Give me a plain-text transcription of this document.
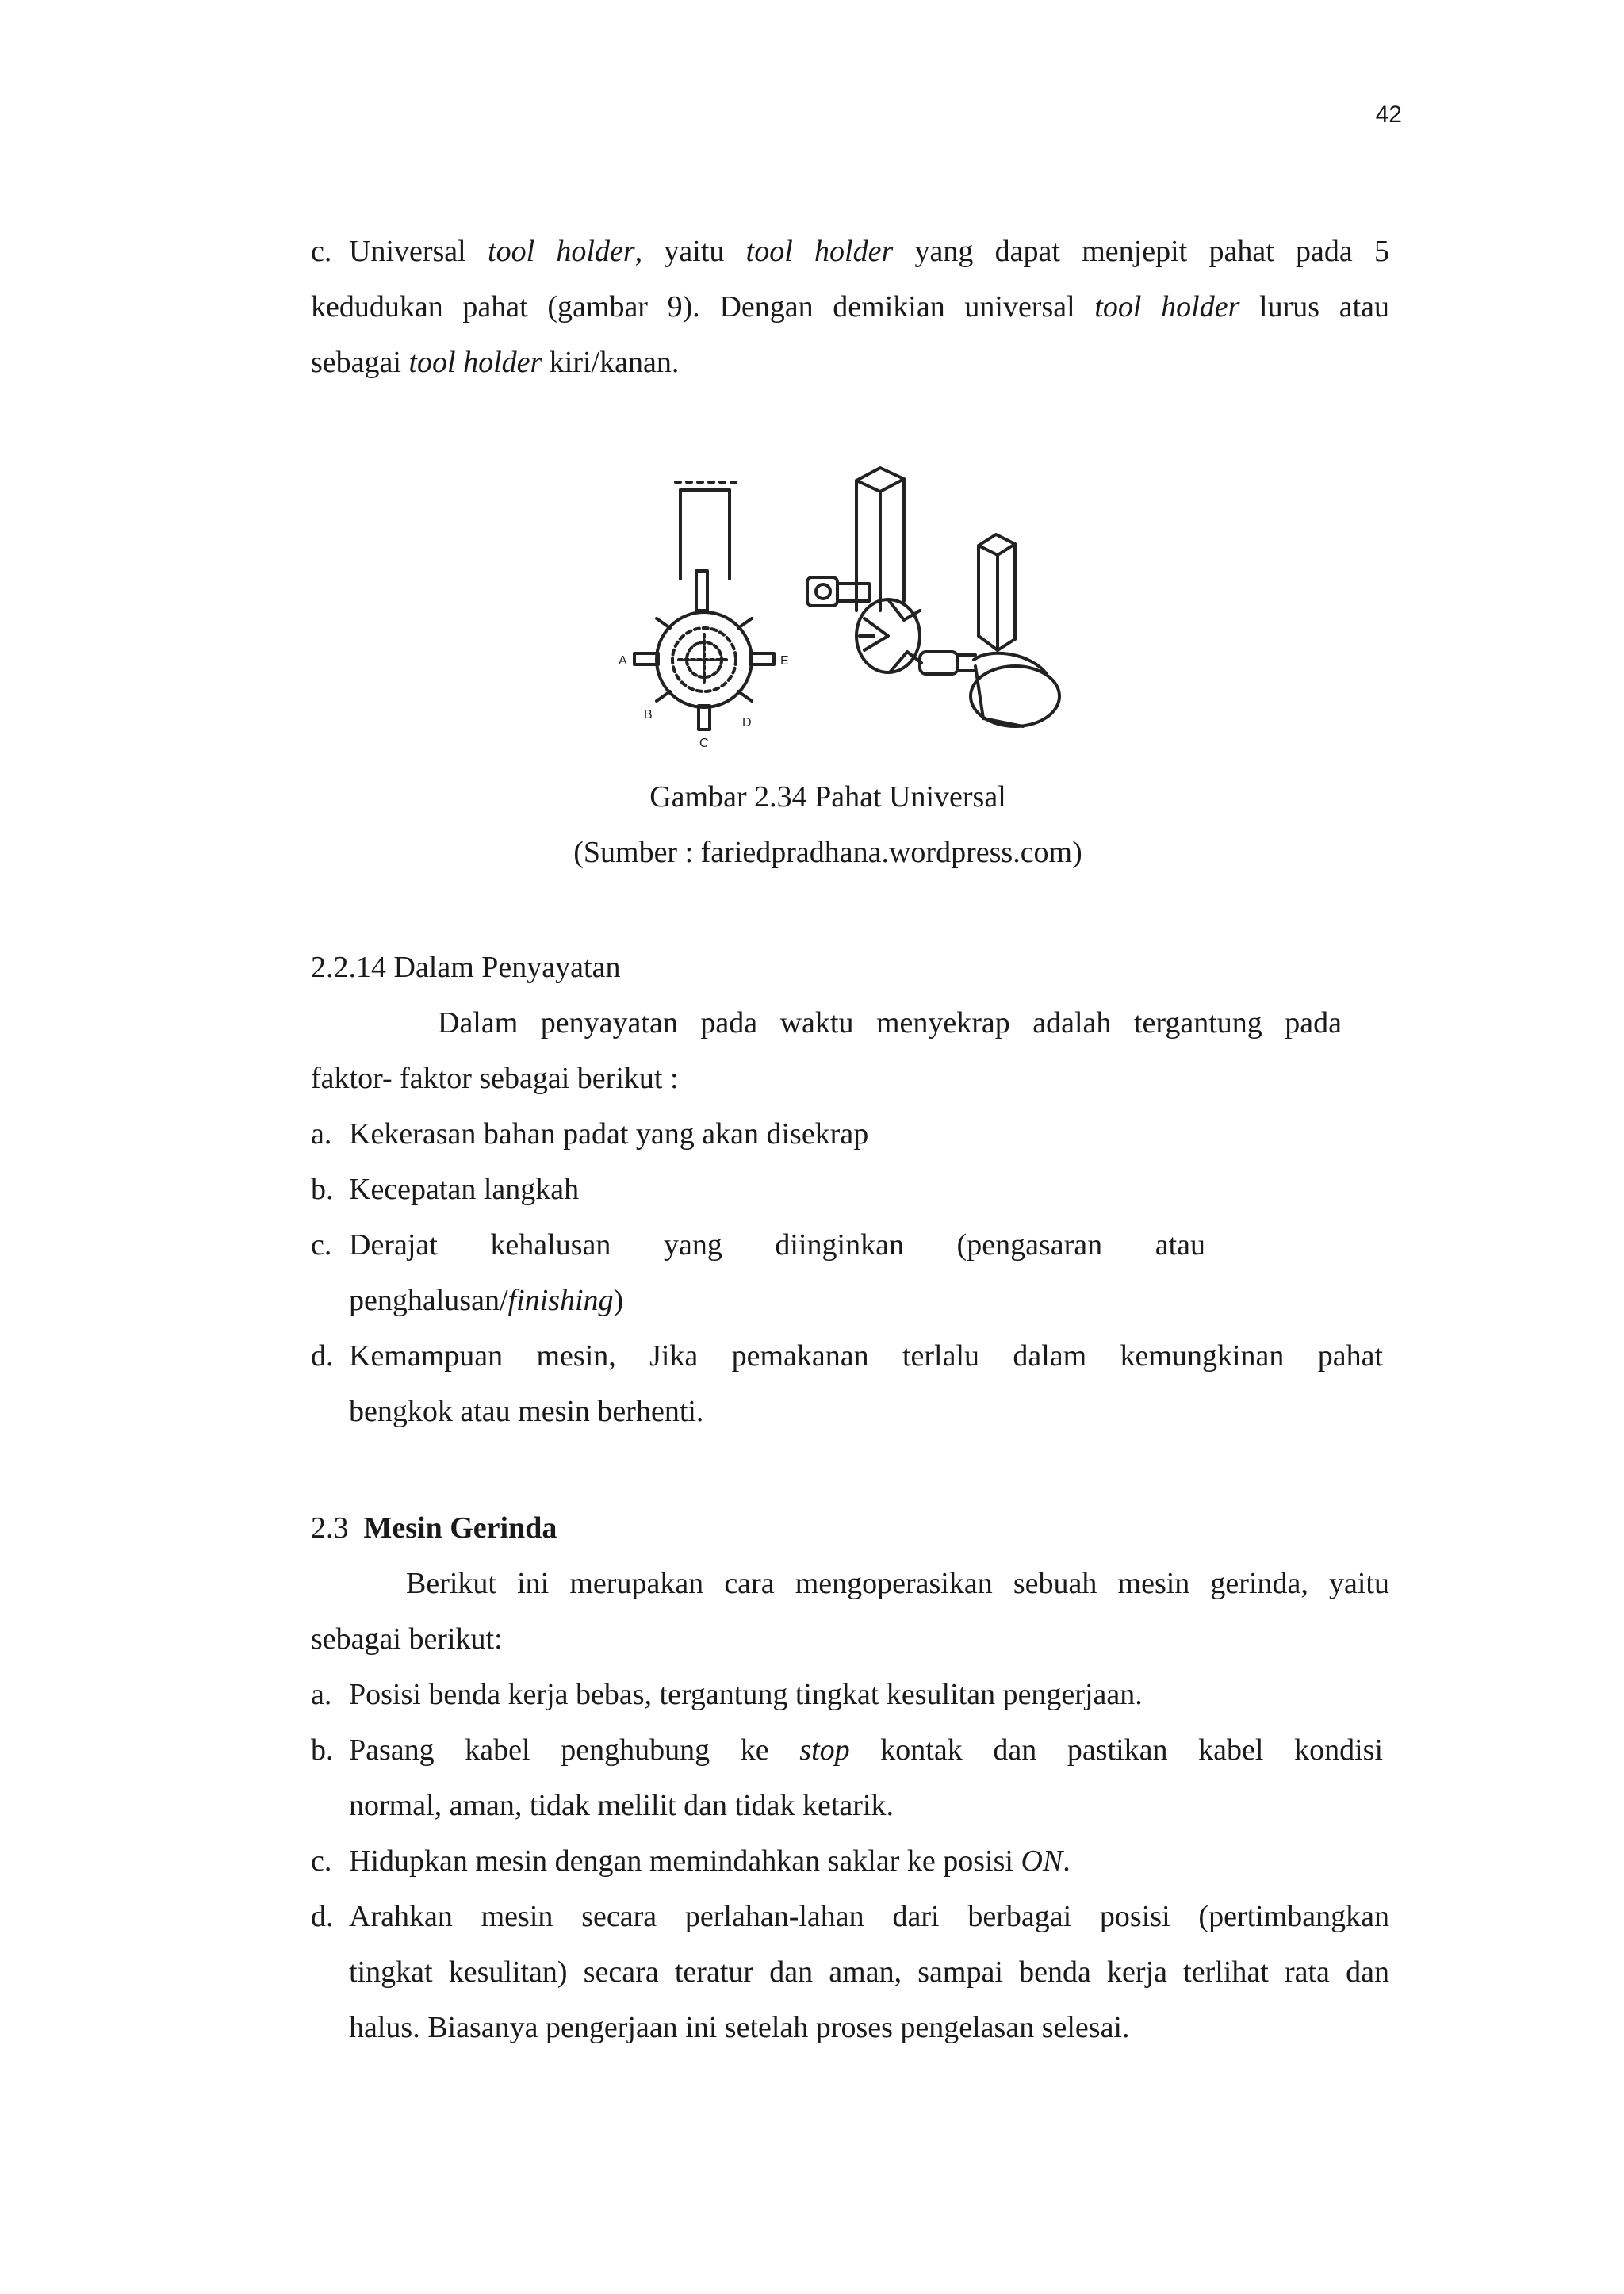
42
c. Universal tool holder, yaitu tool holder yang dapat menjepit pahat pada 5
kedudukan pahat (gambar 9). Dengan demikian universal tool holder lurus atau
sebagai tool holder kiri/kanan.
A
B
C
D
E
Gambar 2.34 Pahat Universal
(Sumber : fariedpradhana.wordpress.com)
2.2.14 Dalam Penyayatan
Dalam penyayatan pada waktu menyekrap adalah tergantung pada
faktor- faktor sebagai berikut :
a. Kekerasan bahan padat yang akan disekrap
b. Kecepatan langkah
c. Derajat kehalusan yang diinginkan (pengasaran atau
penghalusan/finishing)
d. Kemampuan mesin, Jika pemakanan terlalu dalam kemungkinan pahat
bengkok atau mesin berhenti.
2.3 Mesin Gerinda
Berikut ini merupakan cara mengoperasikan sebuah mesin gerinda, yaitu
sebagai berikut:
a. Posisi benda kerja bebas, tergantung tingkat kesulitan pengerjaan.
b. Pasang kabel penghubung ke stop kontak dan pastikan kabel kondisi
normal, aman, tidak melilit dan tidak ketarik.
c. Hidupkan mesin dengan memindahkan saklar ke posisi ON.
d. Arahkan mesin secara perlahan-lahan dari berbagai posisi (pertimbangkan
tingkat kesulitan) secara teratur dan aman, sampai benda kerja terlihat rata dan
halus. Biasanya pengerjaan ini setelah proses pengelasan selesai.
